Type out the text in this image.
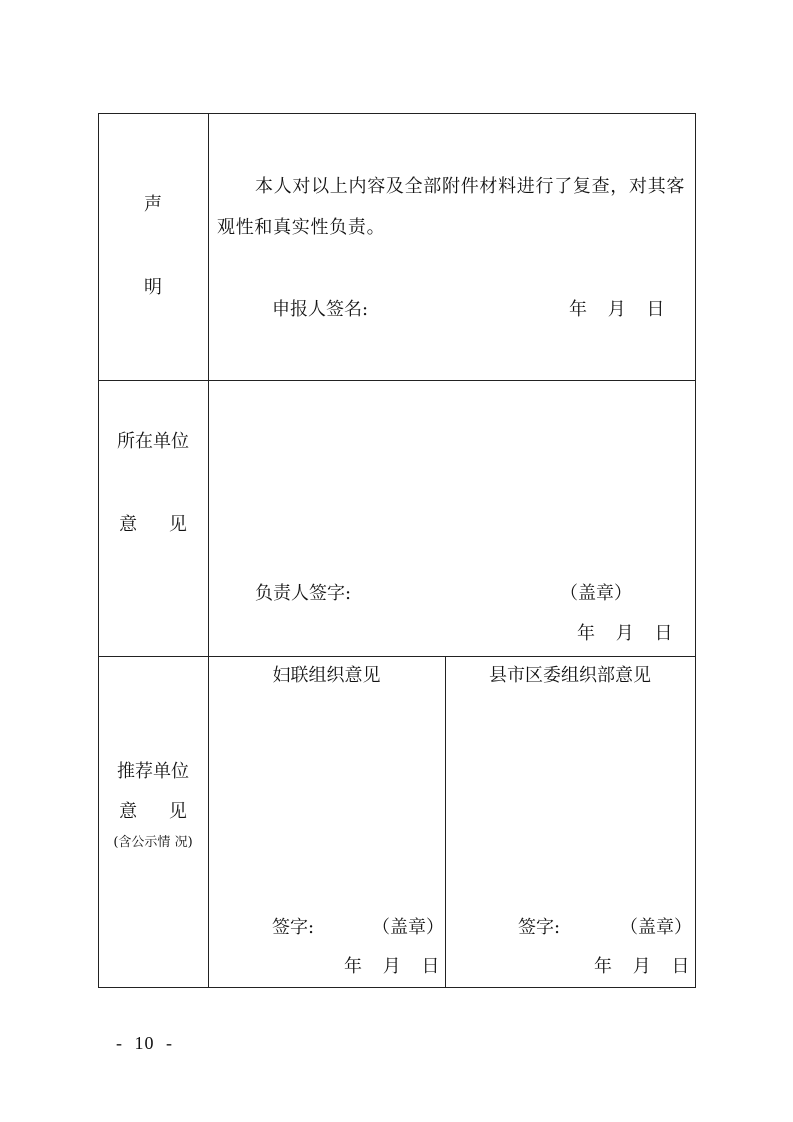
声
明
本人对以上内容及全部附件材料进行了复查，对其客
观性和真实性负责。
申报人签名:	年 月 日
所在单位
意 见
负责人签字:	（盖章）
年 月 日
推荐单位
意 见
(含公示情 况)
妇联组织意见
签字:	（盖章）
年 月 日
县市区委组织部意见
签字:	（盖章）
年 月 日
- 10 -
